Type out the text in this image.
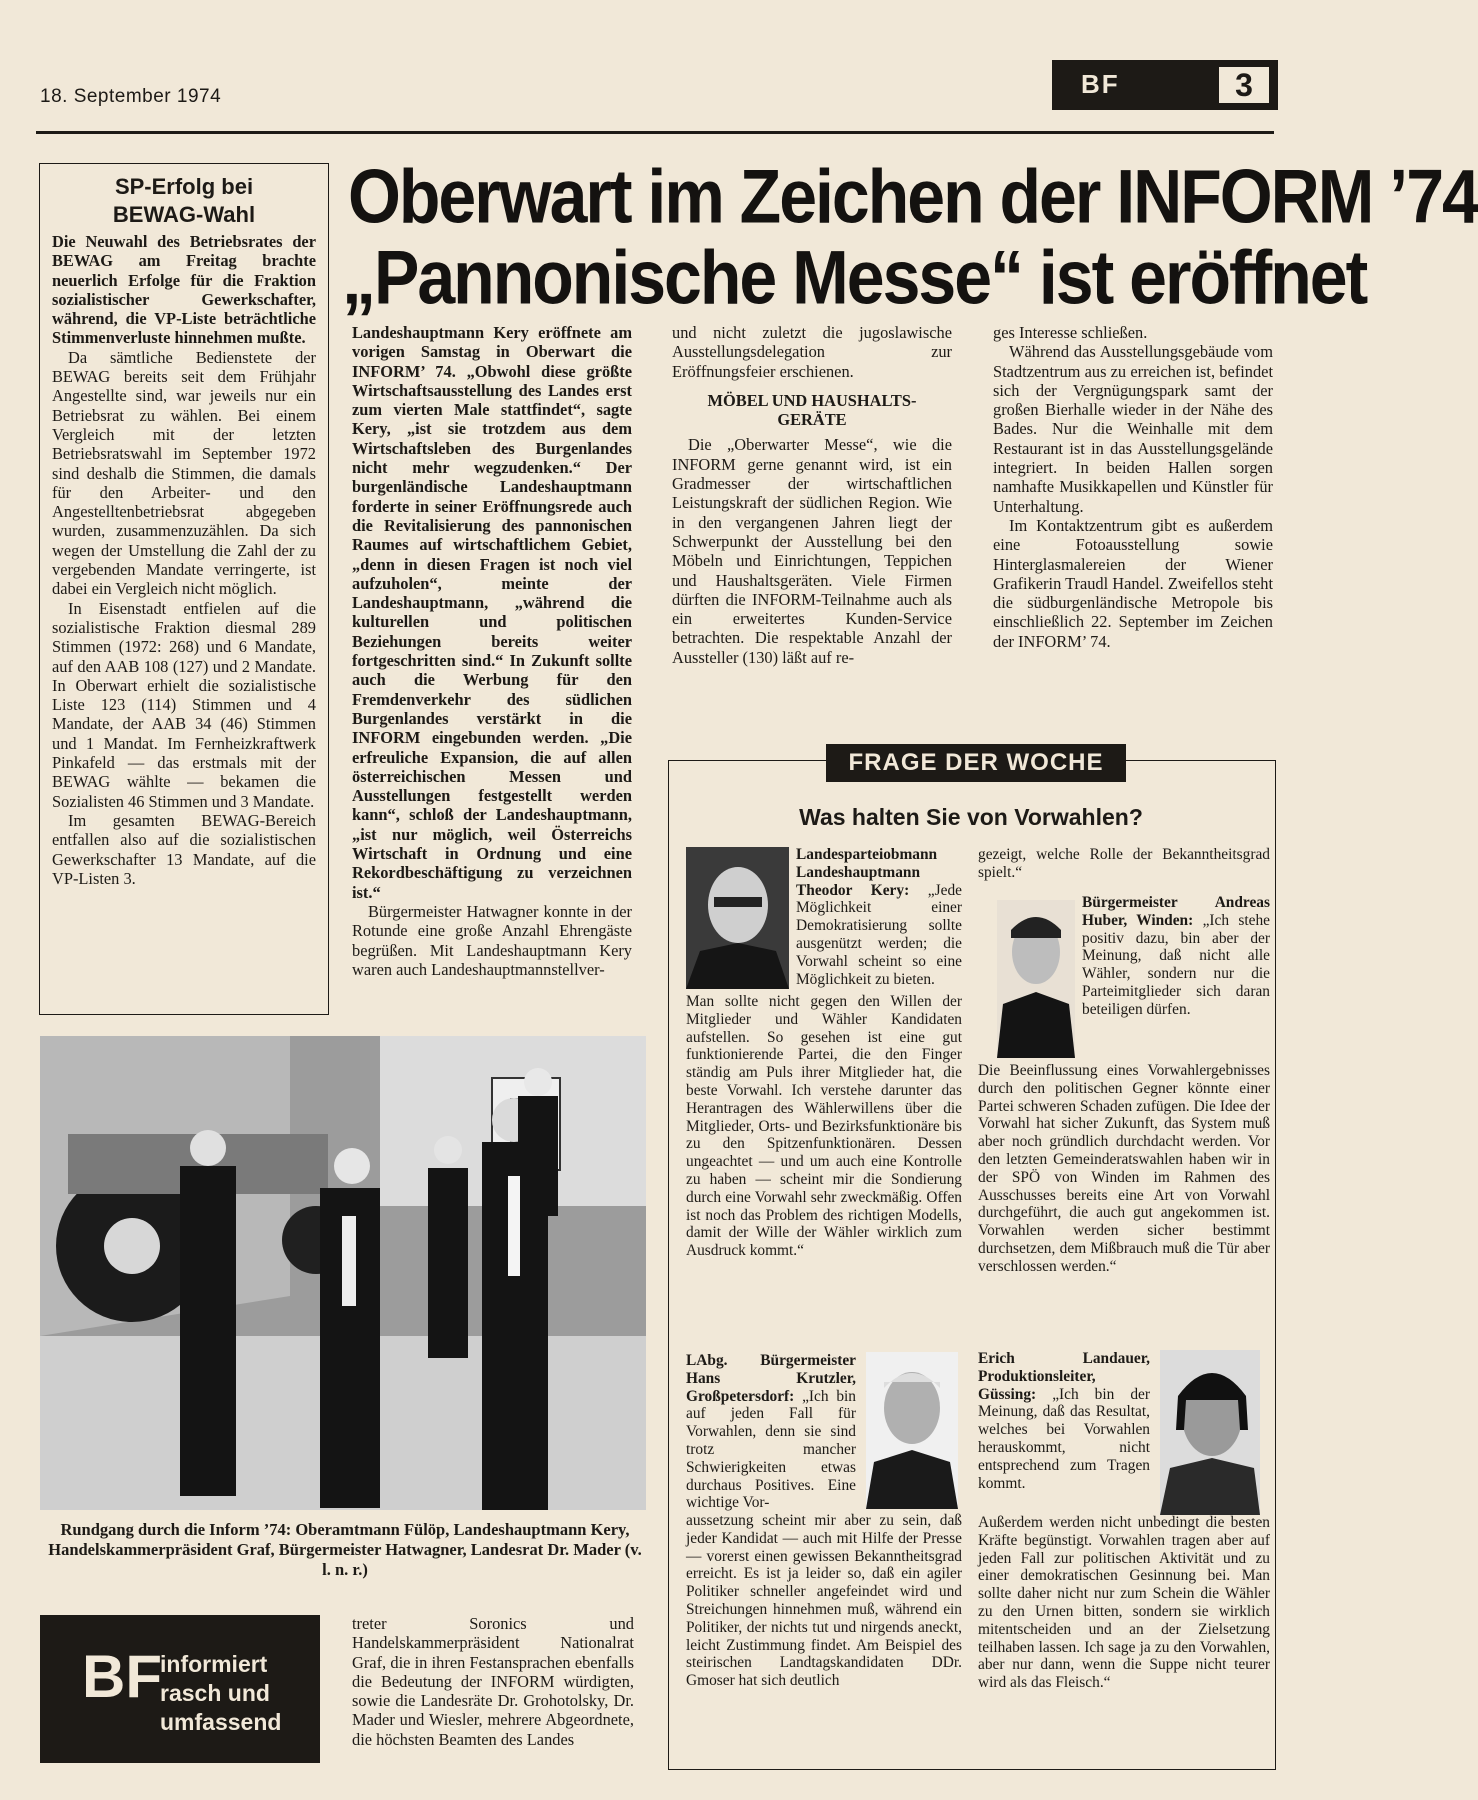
18. September 1974	BF	3
SP-Erfolg bei
BEWAG-Wahl

Die Neuwahl des Betriebsrates der BEWAG am Freitag brachte neuerlich Erfolge für die Fraktion sozialistischer Gewerkschafter, während, die VP-Liste beträchtliche Stimmenverluste hinnehmen mußte.

Da sämtliche Bedienstete der BEWAG bereits seit dem Frühjahr Angestellte sind, war jeweils nur ein Betriebsrat zu wählen. Bei einem Vergleich mit der letzten Betriebsratswahl im September 1972 sind deshalb die Stimmen, die damals für den Arbeiter- und den Angestelltenbetriebsrat abgegeben wurden, zusammenzuzählen. Da sich wegen der Umstellung die Zahl der zu vergebenden Mandate verringerte, ist dabei ein Vergleich nicht möglich.

In Eisenstadt entfielen auf die sozialistische Fraktion diesmal 289 Stimmen (1972: 268) und 6 Mandate, auf den AAB 108 (127) und 2 Mandate. In Oberwart erhielt die sozialistische Liste 123 (114) Stimmen und 4 Mandate, der AAB 34 (46) Stimmen und 1 Mandat. Im Fernheizkraftwerk Pinkafeld — das erstmals mit der BEWAG wählte — bekamen die Sozialisten 46 Stimmen und 3 Mandate.

Im gesamten BEWAG-Bereich entfallen also auf die sozialistischen Gewerkschafter 13 Mandate, auf die VP-Listen 3.

Oberwart im Zeichen der INFORM ’74
„Pannonische Messe“ ist eröffnet

Landeshauptmann Kery eröffnete am vorigen Samstag in Oberwart die INFORM’ 74. „Obwohl diese größte Wirtschaftsausstellung des Landes erst zum vierten Male stattfindet“, sagte Kery, „ist sie trotzdem aus dem Wirtschaftsleben des Burgenlandes nicht mehr wegzudenken.“ Der burgenländische Landeshauptmann forderte in seiner Eröffnungsrede auch die Revitalisierung des pannonischen Raumes auf wirtschaftlichem Gebiet, „denn in diesen Fragen ist noch viel aufzuholen“, meinte der Landeshauptmann, „während die kulturellen und politischen Beziehungen bereits weiter fortgeschritten sind.“ In Zukunft sollte auch die Werbung für den Fremdenverkehr des südlichen Burgenlandes verstärkt in die INFORM eingebunden werden. „Die erfreuliche Expansion, die auf allen österreichischen Messen und Ausstellungen festgestellt werden kann“, schloß der Landeshauptmann, „ist nur möglich, weil Österreichs Wirtschaft in Ordnung und eine Rekordbeschäftigung zu verzeichnen ist.“

Bürgermeister Hatwagner konnte in der Rotunde eine große Anzahl Ehrengäste begrüßen. Mit Landeshauptmann Kery waren auch Landeshauptmannstellver-

und nicht zuletzt die jugoslawische Ausstellungsdelegation zur Eröffnungsfeier erschienen.

MÖBEL UND HAUSHALTS-
GERÄTE

Die „Oberwarter Messe“, wie die INFORM gerne genannt wird, ist ein Gradmesser der wirtschaftlichen Leistungskraft der südlichen Region. Wie in den vergangenen Jahren liegt der Schwerpunkt der Ausstellung bei den Möbeln und Einrichtungen, Teppichen und Haushaltsgeräten. Viele Firmen dürften die INFORM-Teilnahme auch als ein erweitertes Kunden-Service betrachten. Die respektable Anzahl der Aussteller (130) läßt auf re-

ges Interesse schließen.

Während das Ausstellungsgebäude vom Stadtzentrum aus zu erreichen ist, befindet sich der Vergnügungspark samt der großen Bierhalle wieder in der Nähe des Bades. Nur die Weinhalle mit dem Restaurant ist in das Ausstellungsgelände integriert. In beiden Hallen sorgen namhafte Musikkapellen und Künstler für Unterhaltung.

Im Kontaktzentrum gibt es außerdem eine Fotoausstellung sowie Hinterglasmalereien der Wiener Grafikerin Traudl Handel. Zweifellos steht die südburgenländische Metropole bis einschließlich 22. September im Zeichen der INFORM’ 74.

Rundgang durch die Inform ’74: Oberamtmann Fülöp, Landeshauptmann Kery, Handelskammerpräsident Graf, Bürgermeister Hatwagner, Landesrat Dr. Mader (v. l. n. r.)
BF
informiert
rasch und
umfassend

treter Soronics und Handelskammerpräsident Nationalrat Graf, die in ihren Festansprachen ebenfalls die Bedeutung der INFORM würdigten, sowie die Landesräte Dr. Grohotolsky, Dr. Mader und Wiesler, mehrere Abgeordnete, die höchsten Beamten des Landes

FRAGE DER WOCHE
Was halten Sie von Vorwahlen?
Landesparteiobmann Landeshauptmann Theodor Kery: „Jede Möglichkeit einer Demokratisierung sollte ausgenützt werden; die Vorwahl scheint so eine Möglichkeit zu bieten.
Man sollte nicht gegen den Willen der Mitglieder und Wähler Kandidaten aufstellen. So gesehen ist eine gut funktionierende Partei, die den Finger ständig am Puls ihrer Mitglieder hat, die beste Vorwahl. Ich verstehe darunter das Herantragen des Wählerwillens über die Mitglieder, Orts- und Bezirksfunktionäre bis zu den Spitzenfunktionären. Dessen ungeachtet — und um auch eine Kontrolle zu haben — scheint mir die Sondierung durch eine Vorwahl sehr zweckmäßig. Offen ist noch das Problem des richtigen Modells, damit der Wille der Wähler wirklich zum Ausdruck kommt.“
gezeigt, welche Rolle der Bekanntheitsgrad spielt.“
Bürgermeister Andreas Huber, Winden: „Ich stehe positiv dazu, bin aber der Meinung, daß nicht alle Wähler, sondern nur die Parteimitglieder sich daran beteiligen dürfen.
Die Beeinflussung eines Vorwahlergebnisses durch den politischen Gegner könnte einer Partei schweren Schaden zufügen. Die Idee der Vorwahl hat sicher Zukunft, das System muß aber noch gründlich durchdacht werden. Vor den letzten Gemeinderatswahlen haben wir in der SPÖ von Winden im Rahmen des Ausschusses bereits eine Art von Vorwahl durchgeführt, die auch gut angekommen ist. Vorwahlen werden sicher bestimmt durchsetzen, dem Mißbrauch muß die Tür aber verschlossen werden.“
LAbg. Bürgermeister Hans Krutzler, Großpetersdorf: „Ich bin auf jeden Fall für Vorwahlen, denn sie sind trotz mancher Schwierigkeiten etwas durchaus Positives. Eine wichtige Vor-
aussetzung scheint mir aber zu sein, daß jeder Kandidat — auch mit Hilfe der Presse — vorerst einen gewissen Bekanntheitsgrad erreicht. Es ist ja leider so, daß ein agiler Politiker schneller angefeindet wird und Streichungen hinnehmen muß, während ein Politiker, der nichts tut und nirgends aneckt, leicht Zustimmung findet. Am Beispiel des steirischen Landtagskandidaten DDr. Gmoser hat sich deutlich
Erich Landauer, Produktionsleiter, Güssing: „Ich bin der Meinung, daß das Resultat, welches bei Vorwahlen herauskommt, nicht entsprechend zum Tragen kommt.
Außerdem werden nicht unbedingt die besten Kräfte begünstigt. Vorwahlen tragen aber auf jeden Fall zur politischen Aktivität und zu einer demokratischen Gesinnung bei. Man sollte daher nicht nur zum Schein die Wähler zu den Urnen bitten, sondern sie wirklich mitentscheiden und an der Zielsetzung teilhaben lassen. Ich sage ja zu den Vorwahlen, aber nur dann, wenn die Suppe nicht teurer wird als das Fleisch.“
